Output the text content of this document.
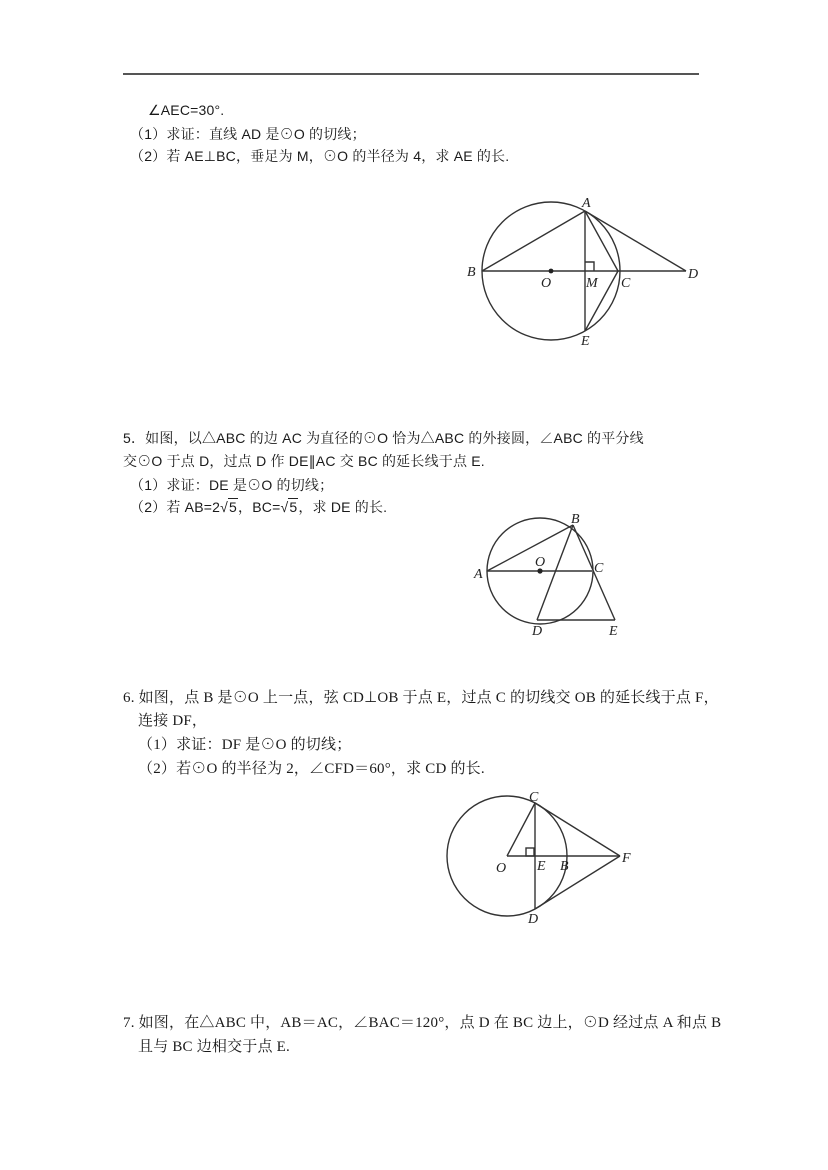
∠AEC=30°.
（1）求证：直线 AD 是⊙O 的切线；
（2）若 AE⊥BC，垂足为 M，⊙O 的半径为 4，求 AE 的长.
A
B
O M C
D
E
5．如图，以△ABC 的边 AC 为直径的⊙O 恰为△ABC 的外接圆，∠ABC 的平分线
交⊙O 于点 D，过点 D 作 DE∥AC 交 BC 的延长线于点 E.
（1）求证：DE 是⊙O 的切线；
（2）若 AB=2√5，BC=√5，求 DE 的长.
A
B
O	C
D	E
6. 如图，点 B 是⊙O 上一点，弦 CD⊥OB 于点 E，过点 C 的切线交 OB 的延长线于点 F，
连接 DF，
（1）求证：DF 是⊙O 的切线；
（2）若⊙O 的半径为 2，∠CFD＝60°，求 CD 的长.
C
O E B
F
D
7. 如图，在△ABC 中，AB＝AC，∠BAC＝120°，点 D 在 BC 边上，⊙D 经过点 A 和点 B
且与 BC 边相交于点 E.
